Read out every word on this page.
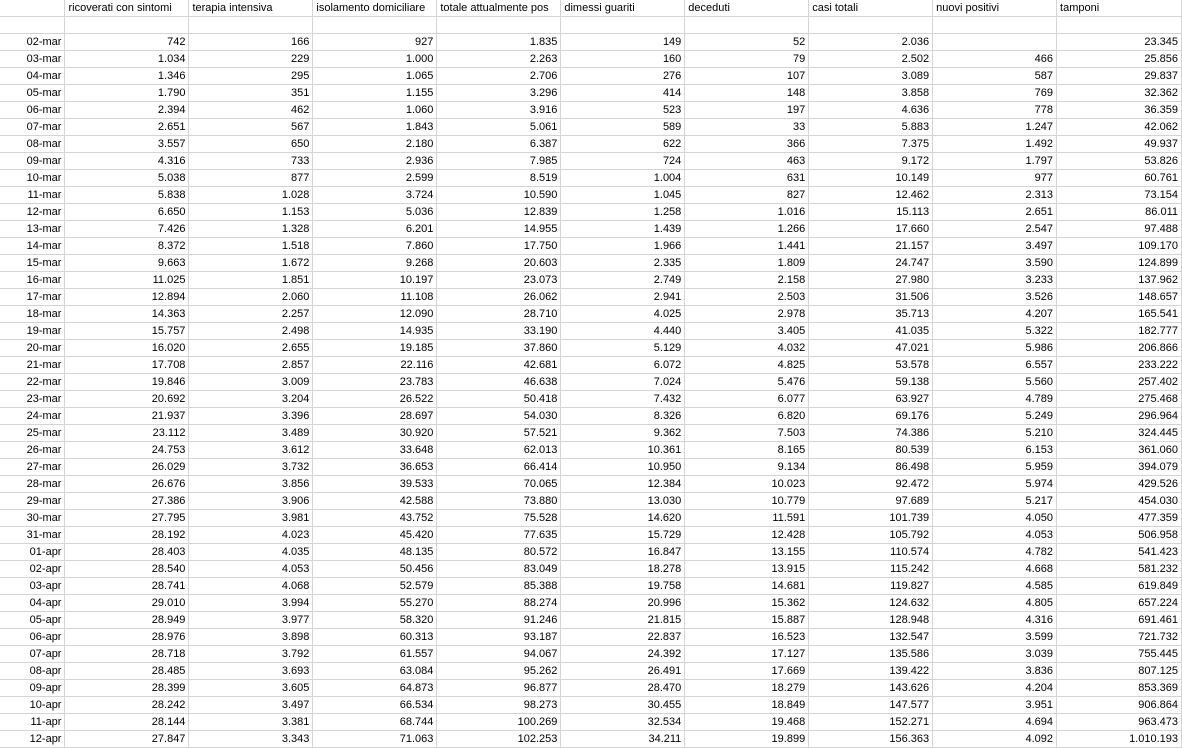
	ricoverati con sintomi	terapia intensiva	isolamento domiciliare	totale attualmente pos	dimessi guariti	deceduti	casi totali	nuovi positivi	tamponi

02-mar	742	166	927	1.835	149	52	2.036		23.345
03-mar	1.034	229	1.000	2.263	160	79	2.502	466	25.856
04-mar	1.346	295	1.065	2.706	276	107	3.089	587	29.837
05-mar	1.790	351	1.155	3.296	414	148	3.858	769	32.362
06-mar	2.394	462	1.060	3.916	523	197	4.636	778	36.359
07-mar	2.651	567	1.843	5.061	589	33	5.883	1.247	42.062
08-mar	3.557	650	2.180	6.387	622	366	7.375	1.492	49.937
09-mar	4.316	733	2.936	7.985	724	463	9.172	1.797	53.826
10-mar	5.038	877	2.599	8.519	1.004	631	10.149	977	60.761
11-mar	5.838	1.028	3.724	10.590	1.045	827	12.462	2.313	73.154
12-mar	6.650	1.153	5.036	12.839	1.258	1.016	15.113	2.651	86.011
13-mar	7.426	1.328	6.201	14.955	1.439	1.266	17.660	2.547	97.488
14-mar	8.372	1.518	7.860	17.750	1.966	1.441	21.157	3.497	109.170
15-mar	9.663	1.672	9.268	20.603	2.335	1.809	24.747	3.590	124.899
16-mar	11.025	1.851	10.197	23.073	2.749	2.158	27.980	3.233	137.962
17-mar	12.894	2.060	11.108	26.062	2.941	2.503	31.506	3.526	148.657
18-mar	14.363	2.257	12.090	28.710	4.025	2.978	35.713	4.207	165.541
19-mar	15.757	2.498	14.935	33.190	4.440	3.405	41.035	5.322	182.777
20-mar	16.020	2.655	19.185	37.860	5.129	4.032	47.021	5.986	206.866
21-mar	17.708	2.857	22.116	42.681	6.072	4.825	53.578	6.557	233.222
22-mar	19.846	3.009	23.783	46.638	7.024	5.476	59.138	5.560	257.402
23-mar	20.692	3.204	26.522	50.418	7.432	6.077	63.927	4.789	275.468
24-mar	21.937	3.396	28.697	54.030	8.326	6.820	69.176	5.249	296.964
25-mar	23.112	3.489	30.920	57.521	9.362	7.503	74.386	5.210	324.445
26-mar	24.753	3.612	33.648	62.013	10.361	8.165	80.539	6.153	361.060
27-mar	26.029	3.732	36.653	66.414	10.950	9.134	86.498	5.959	394.079
28-mar	26.676	3.856	39.533	70.065	12.384	10.023	92.472	5.974	429.526
29-mar	27.386	3.906	42.588	73.880	13.030	10.779	97.689	5.217	454.030
30-mar	27.795	3.981	43.752	75.528	14.620	11.591	101.739	4.050	477.359
31-mar	28.192	4.023	45.420	77.635	15.729	12.428	105.792	4.053	506.958
01-apr	28.403	4.035	48.135	80.572	16.847	13.155	110.574	4.782	541.423
02-apr	28.540	4.053	50.456	83.049	18.278	13.915	115.242	4.668	581.232
03-apr	28.741	4.068	52.579	85.388	19.758	14.681	119.827	4.585	619.849
04-apr	29.010	3.994	55.270	88.274	20.996	15.362	124.632	4.805	657.224
05-apr	28.949	3.977	58.320	91.246	21.815	15.887	128.948	4.316	691.461
06-apr	28.976	3.898	60.313	93.187	22.837	16.523	132.547	3.599	721.732
07-apr	28.718	3.792	61.557	94.067	24.392	17.127	135.586	3.039	755.445
08-apr	28.485	3.693	63.084	95.262	26.491	17.669	139.422	3.836	807.125
09-apr	28.399	3.605	64.873	96.877	28.470	18.279	143.626	4.204	853.369
10-apr	28.242	3.497	66.534	98.273	30.455	18.849	147.577	3.951	906.864
11-apr	28.144	3.381	68.744	100.269	32.534	19.468	152.271	4.694	963.473
12-apr	27.847	3.343	71.063	102.253	34.211	19.899	156.363	4.092	1.010.193
